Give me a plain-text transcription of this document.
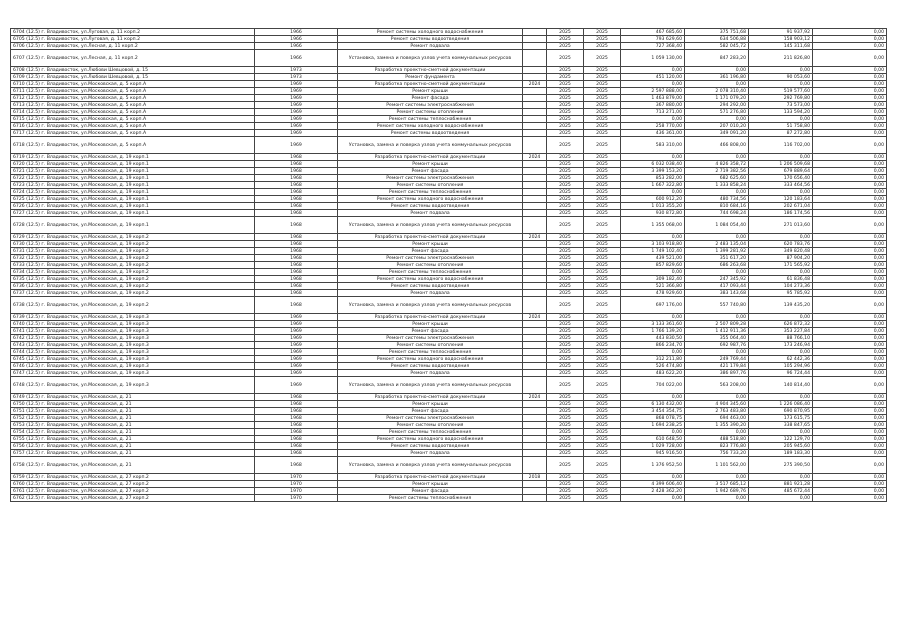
6704 (12.5) г. Владивосток, ул.Луговая, д. 11 корп.2	1966	Ремонт системы холодного водоснабжения		2025	2025	467 685,60	375 751,68	91 937,92	0,00
6705 (12.5) г. Владивосток, ул.Луговая, д. 11 корп.2	1966	Ремонт системы водоотведения		2025	2025	793 629,60	634 506,88	158 903,12	0,00
6706 (12.5) г. Владивосток, ул.Лесная, д. 11 корп.2	1966	Ремонт подвала		2025	2025	727 368,40	582 045,72	145 311,68	0,00
6707 (12.5) г. Владивосток, ул.Лесная, д. 11 корп.2	1966	Установка, замена и поверка узлов учета коммунальных ресурсов		2025	2025	1 059 130,00	847 283,20	211 826,80	0,00
6708 (12.5) г. Владивосток, ул.Любови Шевцовой, д. 15	1973	Разработка проектно-сметной документации		2025	2025	0,00	0,00	0,00	0,00
6709 (12.5) г. Владивосток, ул.Любови Шевцовой, д. 15	1973	Ремонт фундамента		2025	2025	451 120,00	361 196,80	90 053,60	0,00
6710 (12.5) г. Владивосток, ул.Московская, д. 5 корп.А	1969	Разработка проектно-сметной документации	2024	2025	2025	0,00	0,00	0,00	0,00
6711 (12.5) г. Владивосток, ул.Московская, д. 5 корп.А	1969	Ремонт крыши		2025	2025	2 597 888,00	2 078 310,40	519 577,60	0,00
6712 (12.5) г. Владивосток, ул.Московская, д. 5 корп.А	1969	Ремонт фасада		2025	2025	1 463 879,00	1 171 079,20	292 769,80	0,00
6713 (12.5) г. Владивосток, ул.Московская, д. 5 корп.А	1969	Ремонт системы электроснабжения		2025	2025	367 880,00	294 292,00	73 573,00	0,00
6714 (12.5) г. Владивосток, ул.Московская, д. 5 корп.А	1969	Ремонт системы отопления		2025	2025	713 271,00	571 276,80	133 594,20	0,00
6715 (12.5) г. Владивосток, ул.Московская, д. 5 корп.А	1969	Ремонт системы теплоснабжения		2025	2025	0,00	0,00	0,00	0,00
6716 (12.5) г. Владивосток, ул.Московская, д. 5 корп.А	1969	Ремонт системы холодного водоснабжения		2025	2025	258 770,00	207 010,20	51 758,80	0,00
6717 (12.5) г. Владивосток, ул.Московская, д. 5 корп.А	1969	Ремонт системы водоотведения		2025	2025	436 361,00	349 091,20	87 272,80	0,00
6718 (12.5) г. Владивосток, ул.Московская, д. 5 корп.А	1969	Установка, замена и поверка узлов учета коммунальных ресурсов		2025	2025	583 310,00	466 808,00	116 702,00	0,00
6719 (12.5) г. Владивосток, ул.Московская, д. 19 корп.1	1968	Разработка проектно-сметной документации	2024	2025	2025	0,00	0,00	0,00	0,00
6720 (12.5) г. Владивосток, ул.Московская, д. 19 корп.1	1968	Ремонт крыши		2025	2025	6 032 038,40	4 826 358,72	1 206 509,68	0,00
6721 (12.5) г. Владивосток, ул.Московская, д. 19 корп.1	1968	Ремонт фасада		2025	2025	3 399 153,20	2 719 382,56	679 889,64	0,00
6722 (12.5) г. Владивосток, ул.Московская, д. 19 корп.1	1968	Ремонт системы электроснабжения		2025	2025	853 282,00	682 625,60	170 656,40	0,00
6723 (12.5) г. Владивосток, ул.Московская, д. 19 корп.1	1968	Ремонт системы отопления		2025	2025	1 667 322,80	1 333 858,24	333 464,56	0,00
6724 (12.5) г. Владивосток, ул.Московская, д. 19 корп.1	1968	Ремонт системы теплоснабжения		2025	2025	0,00	0,00	0,00	0,00
6725 (12.5) г. Владивосток, ул.Московская, д. 19 корп.1	1968	Ремонт системы холодного водоснабжения		2025	2025	600 912,20	480 734,56	120 183,64	0,00
6726 (12.5) г. Владивосток, ул.Московская, д. 19 корп.1	1968	Ремонт системы водоотведения		2025	2025	1 013 355,20	810 684,16	202 671,04	0,00
6727 (12.5) г. Владивосток, ул.Московская, д. 19 корп.1	1968	Ремонт подвала		2025	2025	930 872,80	744 698,24	186 174,56	0,00
6728 (12.5) г. Владивосток, ул.Московская, д. 19 корп.1	1968	Установка, замена и поверка узлов учета коммунальных ресурсов		2025	2025	1 355 068,00	1 084 054,40	271 013,60	0,00
6729 (12.5) г. Владивосток, ул.Московская, д. 19 корп.2	1968	Разработка проектно-сметной документации	2024	2025	2025	0,00	0,00	0,00	0,00
6730 (12.5) г. Владивосток, ул.Московская, д. 19 корп.2	1968	Ремонт крыши		2025	2025	3 103 918,80	2 483 135,04	620 783,76	0,00
6731 (12.5) г. Владивосток, ул.Московская, д. 19 корп.2	1968	Ремонт фасада		2025	2025	1 749 102,40	1 399 281,92	349 820,48	0,00
6732 (12.5) г. Владивосток, ул.Московская, д. 19 корп.2	1968	Ремонт системы электроснабжения		2025	2025	439 521,00	351 617,20	87 904,20	0,00
6733 (12.5) г. Владивосток, ул.Московская, д. 19 корп.2	1968	Ремонт системы отопления		2025	2025	857 829,60	686 263,68	171 565,92	0,00
6734 (12.5) г. Владивосток, ул.Московская, д. 19 корп.2	1968	Ремонт системы теплоснабжения		2025	2025	0,00	0,00	0,00	0,00
6735 (12.5) г. Владивосток, ул.Московская, д. 19 корп.2	1968	Ремонт системы холодного водоснабжения		2025	2025	309 182,40	247 345,92	61 836,48	0,00
6736 (12.5) г. Владивосток, ул.Московская, д. 19 корп.2	1968	Ремонт системы водоотведения		2025	2025	521 366,80	417 093,44	104 273,36	0,00
6737 (12.5) г. Владивосток, ул.Московская, д. 19 корп.2	1968	Ремонт подвала		2025	2025	478 929,60	383 143,68	95 785,92	0,00
6738 (12.5) г. Владивосток, ул.Московская, д. 19 корп.2	1968	Установка, замена и поверка узлов учета коммунальных ресурсов		2025	2025	697 176,00	557 740,80	139 435,20	0,00
6739 (12.5) г. Владивосток, ул.Московская, д. 19 корп.3	1969	Разработка проектно-сметной документации	2024	2025	2025	0,00	0,00	0,00	0,00
6740 (12.5) г. Владивосток, ул.Московская, д. 19 корп.3	1969	Ремонт крыши		2025	2025	3 133 361,60	2 507 809,28	626 872,32	0,00
6741 (12.5) г. Владивосток, ул.Московская, д. 19 корп.3	1969	Ремонт фасада		2025	2025	1 766 139,20	1 412 911,36	353 227,84	0,00
6742 (12.5) г. Владивосток, ул.Московская, д. 19 корп.3	1969	Ремонт системы электроснабжения		2025	2025	443 830,50	355 064,40	88 766,10	0,00
6743 (12.5) г. Владивосток, ул.Московская, д. 19 корп.3	1969	Ремонт системы отопления		2025	2025	866 234,70	692 987,76	173 246,94	0,00
6744 (12.5) г. Владивосток, ул.Московская, д. 19 корп.3	1969	Ремонт системы теплоснабжения		2025	2025	0,00	0,00	0,00	0,00
6745 (12.5) г. Владивосток, ул.Московская, д. 19 корп.3	1969	Ремонт системы холодного водоснабжения		2025	2025	312 211,80	249 769,44	62 442,36	0,00
6746 (12.5) г. Владивосток, ул.Московская, д. 19 корп.3	1969	Ремонт системы водоотведения		2025	2025	526 474,80	421 179,84	105 294,96	0,00
6747 (12.5) г. Владивосток, ул.Московская, д. 19 корп.3	1969	Ремонт подвала		2025	2025	483 622,20	386 897,76	96 724,44	0,00
6748 (12.5) г. Владивосток, ул.Московская, д. 19 корп.3	1969	Установка, замена и поверка узлов учета коммунальных ресурсов		2025	2025	704 022,00	563 208,00	140 814,40	0,00
6749 (12.5) г. Владивосток, ул.Московская, д. 21	1968	Разработка проектно-сметной документации	2024	2025	2025	0,00	0,00	0,00	0,00
6750 (12.5) г. Владивосток, ул.Московская, д. 21	1968	Ремонт крыши		2025	2025	6 130 432,00	4 904 345,60	1 226 086,40	0,00
6751 (12.5) г. Владивосток, ул.Московская, д. 21	1968	Ремонт фасада		2025	2025	3 454 354,75	2 763 483,80	690 870,95	0,00
6752 (12.5) г. Владивосток, ул.Московская, д. 21	1968	Ремонт системы электроснабжения		2025	2025	868 078,75	694 463,00	173 615,75	0,00
6753 (12.5) г. Владивосток, ул.Московская, д. 21	1968	Ремонт системы отопления		2025	2025	1 694 238,25	1 355 390,20	338 847,65	0,00
6754 (12.5) г. Владивосток, ул.Московская, д. 21	1968	Ремонт системы теплоснабжения		2025	2025	0,00	0,00	0,00	0,00
6755 (12.5) г. Владивосток, ул.Московская, д. 21	1968	Ремонт системы холодного водоснабжения		2025	2025	610 648,50	488 518,80	122 129,70	0,00
6756 (12.5) г. Владивосток, ул.Московская, д. 21	1968	Ремонт системы водоотведения		2025	2025	1 029 728,00	823 776,80	205 945,60	0,00
6757 (12.5) г. Владивосток, ул.Московская, д. 21	1968	Ремонт подвала		2025	2025	945 916,50	756 733,20	189 183,30	0,00
6758 (12.5) г. Владивосток, ул.Московская, д. 21	1968	Установка, замена и поверка узлов учета коммунальных ресурсов		2025	2025	1 376 952,50	1 101 562,00	275 390,50	0,00
6759 (12.5) г. Владивосток, ул.Московская, д. 27 корп.2	1970	Разработка проектно-сметной документации	2018	2025	2025	0,00	0,00	0,00	0,00
6760 (12.5) г. Владивосток, ул.Московская, д. 27 корп.2	1970	Ремонт крыши		2025	2025	4 399 606,40	3 517 685,12	881 921,28	0,00
6761 (12.5) г. Владивосток, ул.Московская, д. 27 корп.2	1970	Ремонт фасада		2025	2025	2 428 362,20	1 942 689,76	485 672,44	0,00
6762 (12.5) г. Владивосток, ул.Московская, д. 27 корп.2	1970	Ремонт системы теплоснабжения		2025	2025	0,00	0,00	0,00	0,00
